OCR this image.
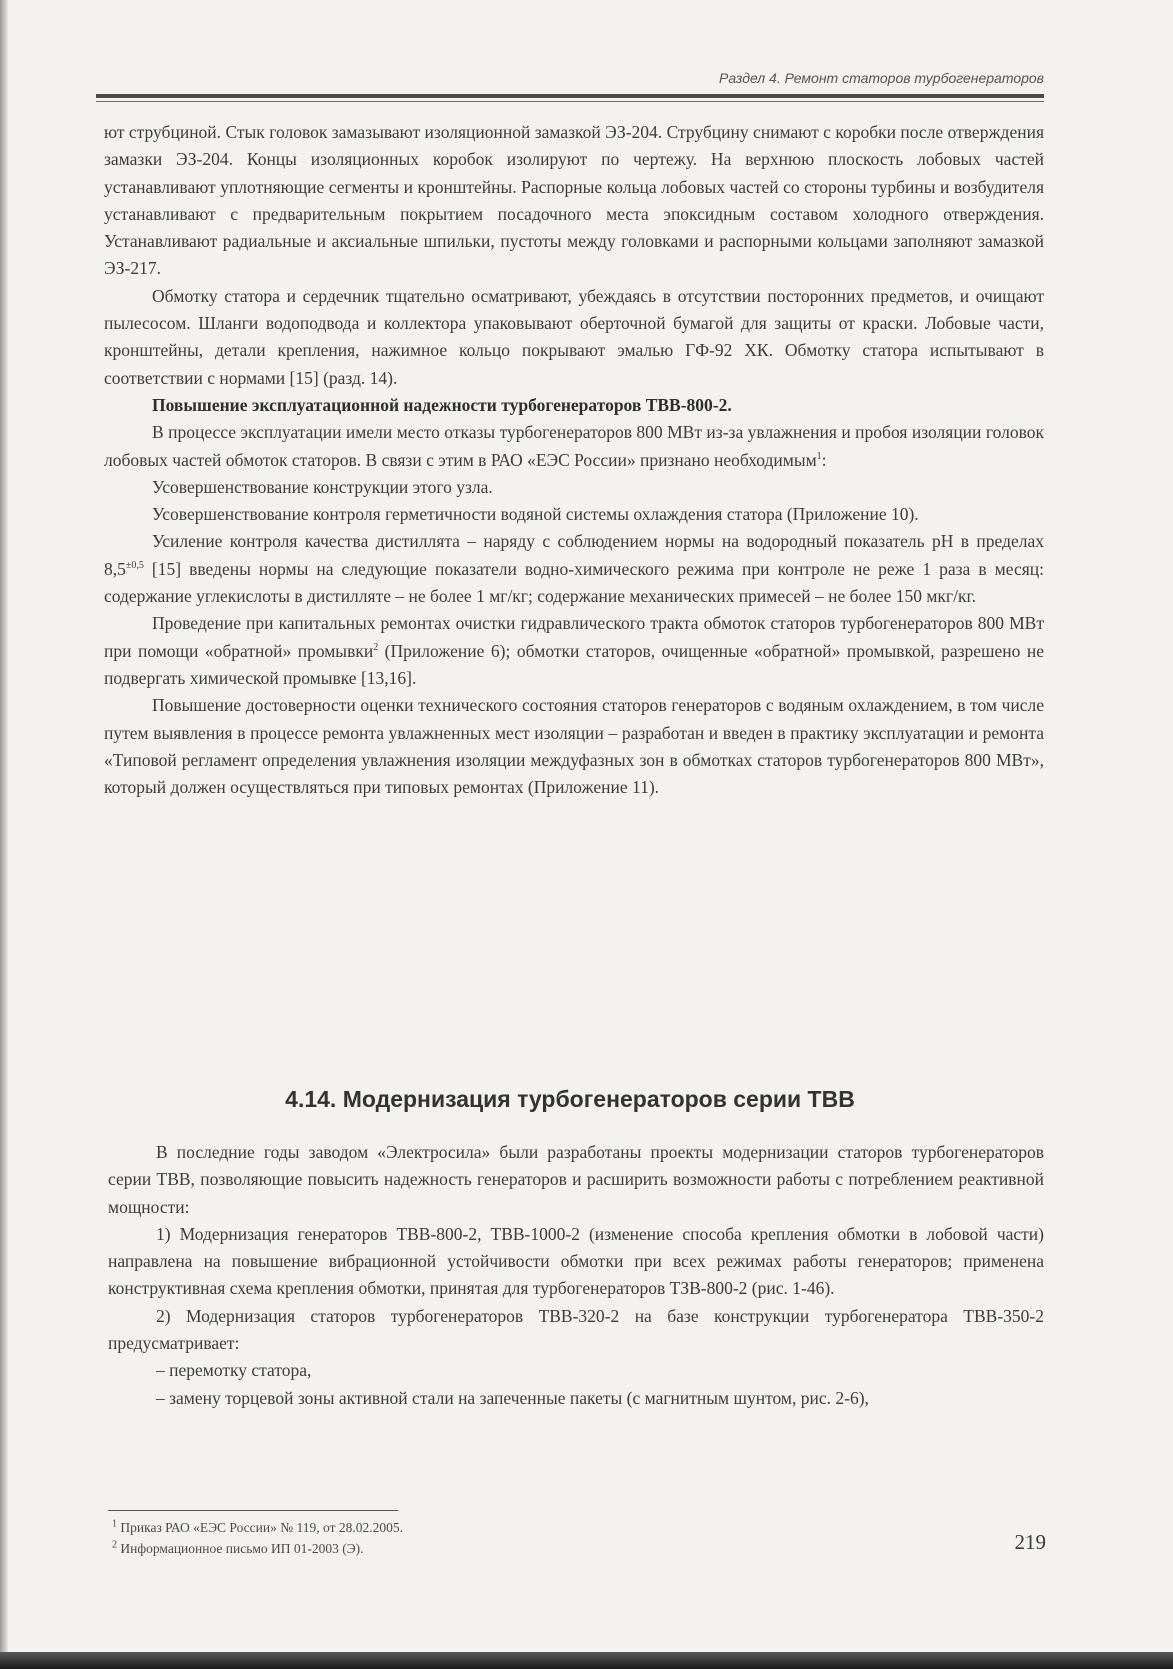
Раздел 4. Ремонт статоров турбогенераторов

ют струбциной. Стык головок замазывают изоляционной замазкой ЭЗ-204. Струбцину снимают с коробки после отверждения замазки ЭЗ-204. Концы изоляционных коробок изолируют по чертежу. На верхнюю плоскость лобовых частей устанавливают уплотняющие сегменты и кронштейны. Распорные кольца лобовых частей со стороны турбины и возбудителя устанавливают с предварительным покрытием посадочного места эпоксидным составом холодного отверждения. Устанавливают радиальные и аксиальные шпильки, пустоты между головками и распорными кольцами заполняют замазкой ЭЗ-217.

Обмотку статора и сердечник тщательно осматривают, убеждаясь в отсутствии посторонних предметов, и очищают пылесосом. Шланги водоподвода и коллектора упаковывают оберточной бумагой для защиты от краски. Лобовые части, кронштейны, детали крепления, нажимное кольцо покрывают эмалью ГФ-92 ХК. Обмотку статора испытывают в соответствии с нормами [15] (разд. 14).

Повышение эксплуатационной надежности турбогенераторов ТВВ-800-2.

В процессе эксплуатации имели место отказы турбогенераторов 800 МВт из-за увлажнения и пробоя изоляции головок лобовых частей обмоток статоров. В связи с этим в РАО «ЕЭС России» признано необходимым$^1$:

Усовершенствование конструкции этого узла.

Усовершенствование контроля герметичности водяной системы охлаждения статора (Приложение 10).

Усиление контроля качества дистиллята – наряду с соблюдением нормы на водородный показатель рН в пределах $8,5^{\pm 0,5}$ [15] введены нормы на следующие показатели водно-химического режима при контроле не реже 1 раза в месяц: содержание углекислоты в дистилляте – не более 1 мг/кг; содержание механических примесей – не более 150 мкг/кг.

Проведение при капитальных ремонтах очистки гидравлического тракта обмоток статоров турбогенераторов 800 МВт при помощи «обратной» промывки$^2$ (Приложение 6); обмотки статоров, очищенные «обратной» промывкой, разрешено не подвергать химической промывке [13,16].

Повышение достоверности оценки технического состояния статоров генераторов с водяным охлаждением, в том числе путем выявления в процессе ремонта увлажненных мест изоляции – разработан и введен в практику эксплуатации и ремонта «Типовой регламент определения увлажнения изоляции междуфазных зон в обмотках статоров турбогенераторов 800 МВт», который должен осуществляться при типовых ремонтах (Приложение 11).

4.14. Модернизация турбогенераторов серии ТВВ

В последние годы заводом «Электросила» были разработаны проекты модернизации статоров турбогенераторов серии ТВВ, позволяющие повысить надежность генераторов и расширить возможности работы с потреблением реактивной мощности:

1) Модернизация генераторов ТВВ-800-2, ТВВ-1000-2 (изменение способа крепления обмотки в лобовой части) направлена на повышение вибрационной устойчивости обмотки при всех режимах работы генераторов; применена конструктивная схема крепления обмотки, принятая для турбогенераторов ТЗВ-800-2 (рис. 1-46).

2) Модернизация статоров турбогенераторов ТВВ-320-2 на базе конструкции турбогенератора ТВВ-350-2 предусматривает:

– перемотку статора,

– замену торцевой зоны активной стали на запеченные пакеты (с магнитным шунтом, рис. 2-6),

$^1$ Приказ РАО «ЕЭС России» № 119, от 28.02.2005.
$^2$ Информационное письмо ИП 01-2003 (Э).	219
